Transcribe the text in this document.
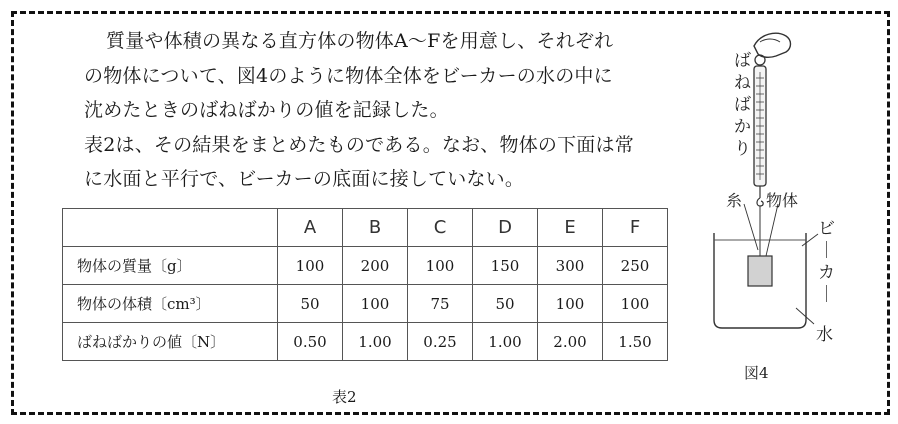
質量や体積の異なる直方体の物体A〜Fを用意し、それぞれ
の物体について、図4のように物体全体をビーカーの水の中に
沈めたときのばねばかりの値を記録した。
表2は、その結果をまとめたものである。なお、物体の下面は常
に水面と平行で、ビーカーの底面に接していない。
	A	B	C	D	E	F
物体の質量〔g〕	100	200	100	150	300	250
物体の体積〔cm³〕	50	100	75	50	100	100
ばねばかりの値〔N〕	0.50	1.00	0.25	1.00	2.00	1.50
表2
ば
ね
ば
か
り
糸 物体
ビ
｜
カ
｜
水
図4
